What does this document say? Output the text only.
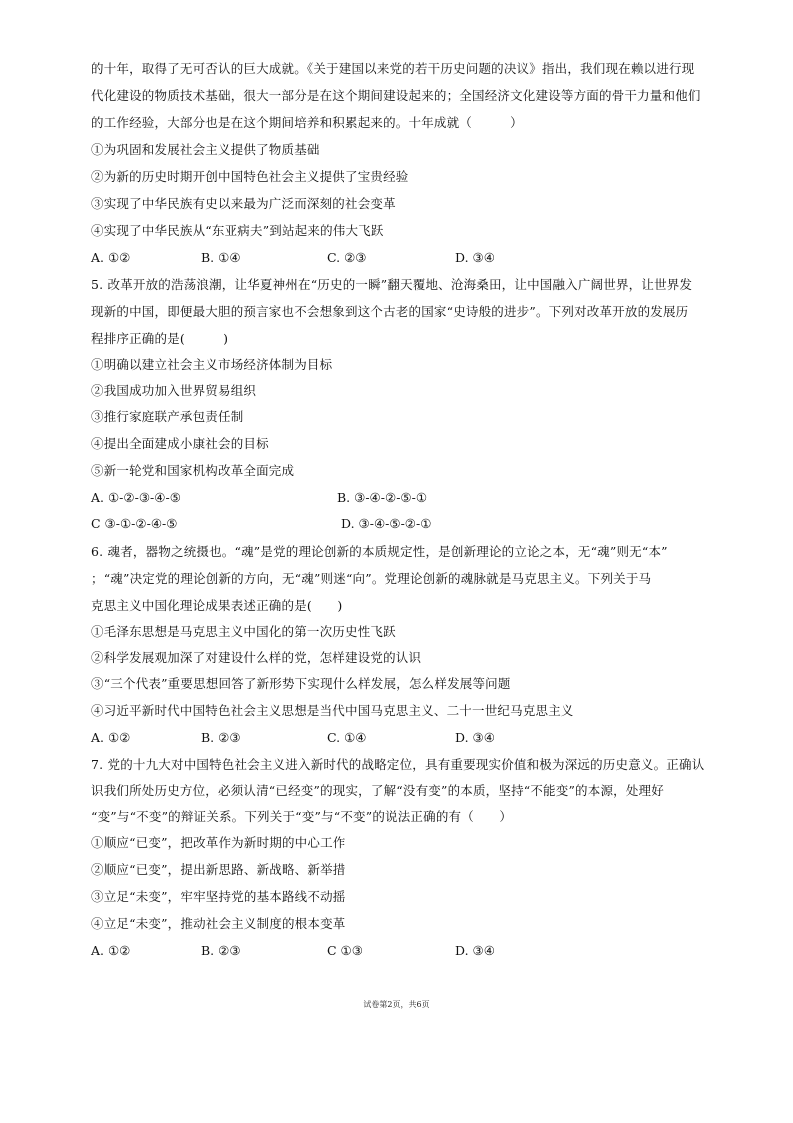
的十年，取得了无可否认的巨大成就。《关于建国以来党的若干历史问题的决议》指出，我们现在赖以进行现
代化建设的物质技术基础，很大一部分是在这个期间建设起来的；全国经济文化建设等方面的骨干力量和他们
的工作经验，大部分也是在这个期间培养和积累起来的。十年成就（　　　）
①为巩固和发展社会主义提供了物质基础
②为新的历史时期开创中国特色社会主义提供了宝贵经验
③实现了中华民族有史以来最为广泛而深刻的社会变革
④实现了中华民族从“东亚病夫”到站起来的伟大飞跃
A. ①②	B. ①④	C. ②③	D. ③④
5. 改革开放的浩荡浪潮，让华夏神州在“历史的一瞬”翻天覆地、沧海桑田，让中国融入广阔世界，让世界发
现新的中国，即便最大胆的预言家也不会想象到这个古老的国家“史诗般的进步”。下列对改革开放的发展历
程排序正确的是(　　　)
①明确以建立社会主义市场经济体制为目标
②我国成功加入世界贸易组织
③推行家庭联产承包责任制
④提出全面建成小康社会的目标
⑤新一轮党和国家机构改革全面完成
A. ①-②-③-④-⑤	B. ③-④-②-⑤-①
C ③-①-②-④-⑤	D. ③-④-⑤-②-①
6. 魂者，器物之统摄也。“魂”是党的理论创新的本质规定性，是创新理论的立论之本，无“魂”则无“本”
；“魂”决定党的理论创新的方向，无“魂”则迷“向”。党理论创新的魂脉就是马克思主义。下列关于马
克思主义中国化理论成果表述正确的是(　　)
①毛泽东思想是马克思主义中国化的第一次历史性飞跃
②科学发展观加深了对建设什么样的党，怎样建设党的认识
③“三个代表”重要思想回答了新形势下实现什么样发展，怎么样发展等问题
④习近平新时代中国特色社会主义思想是当代中国马克思主义、二十一世纪马克思主义
A. ①②	B. ②③	C. ①④	D. ③④
7. 党的十九大对中国特色社会主义进入新时代的战略定位，具有重要现实价值和极为深远的历史意义。正确认
识我们所处历史方位，必须认清“已经变”的现实，了解“没有变”的本质，坚持“不能变”的本源，处理好
“变”与“不变”的辩证关系。下列关于“变”与“不变”的说法正确的有（　　）
①顺应“已变”，把改革作为新时期的中心工作
②顺应“已变”，提出新思路、新战略、新举措
③立足“未变”，牢牢坚持党的基本路线不动摇
④立足“未变”，推动社会主义制度的根本变革
A. ①②	B. ②③	C ①③	D. ③④
试卷第2页，共6页
